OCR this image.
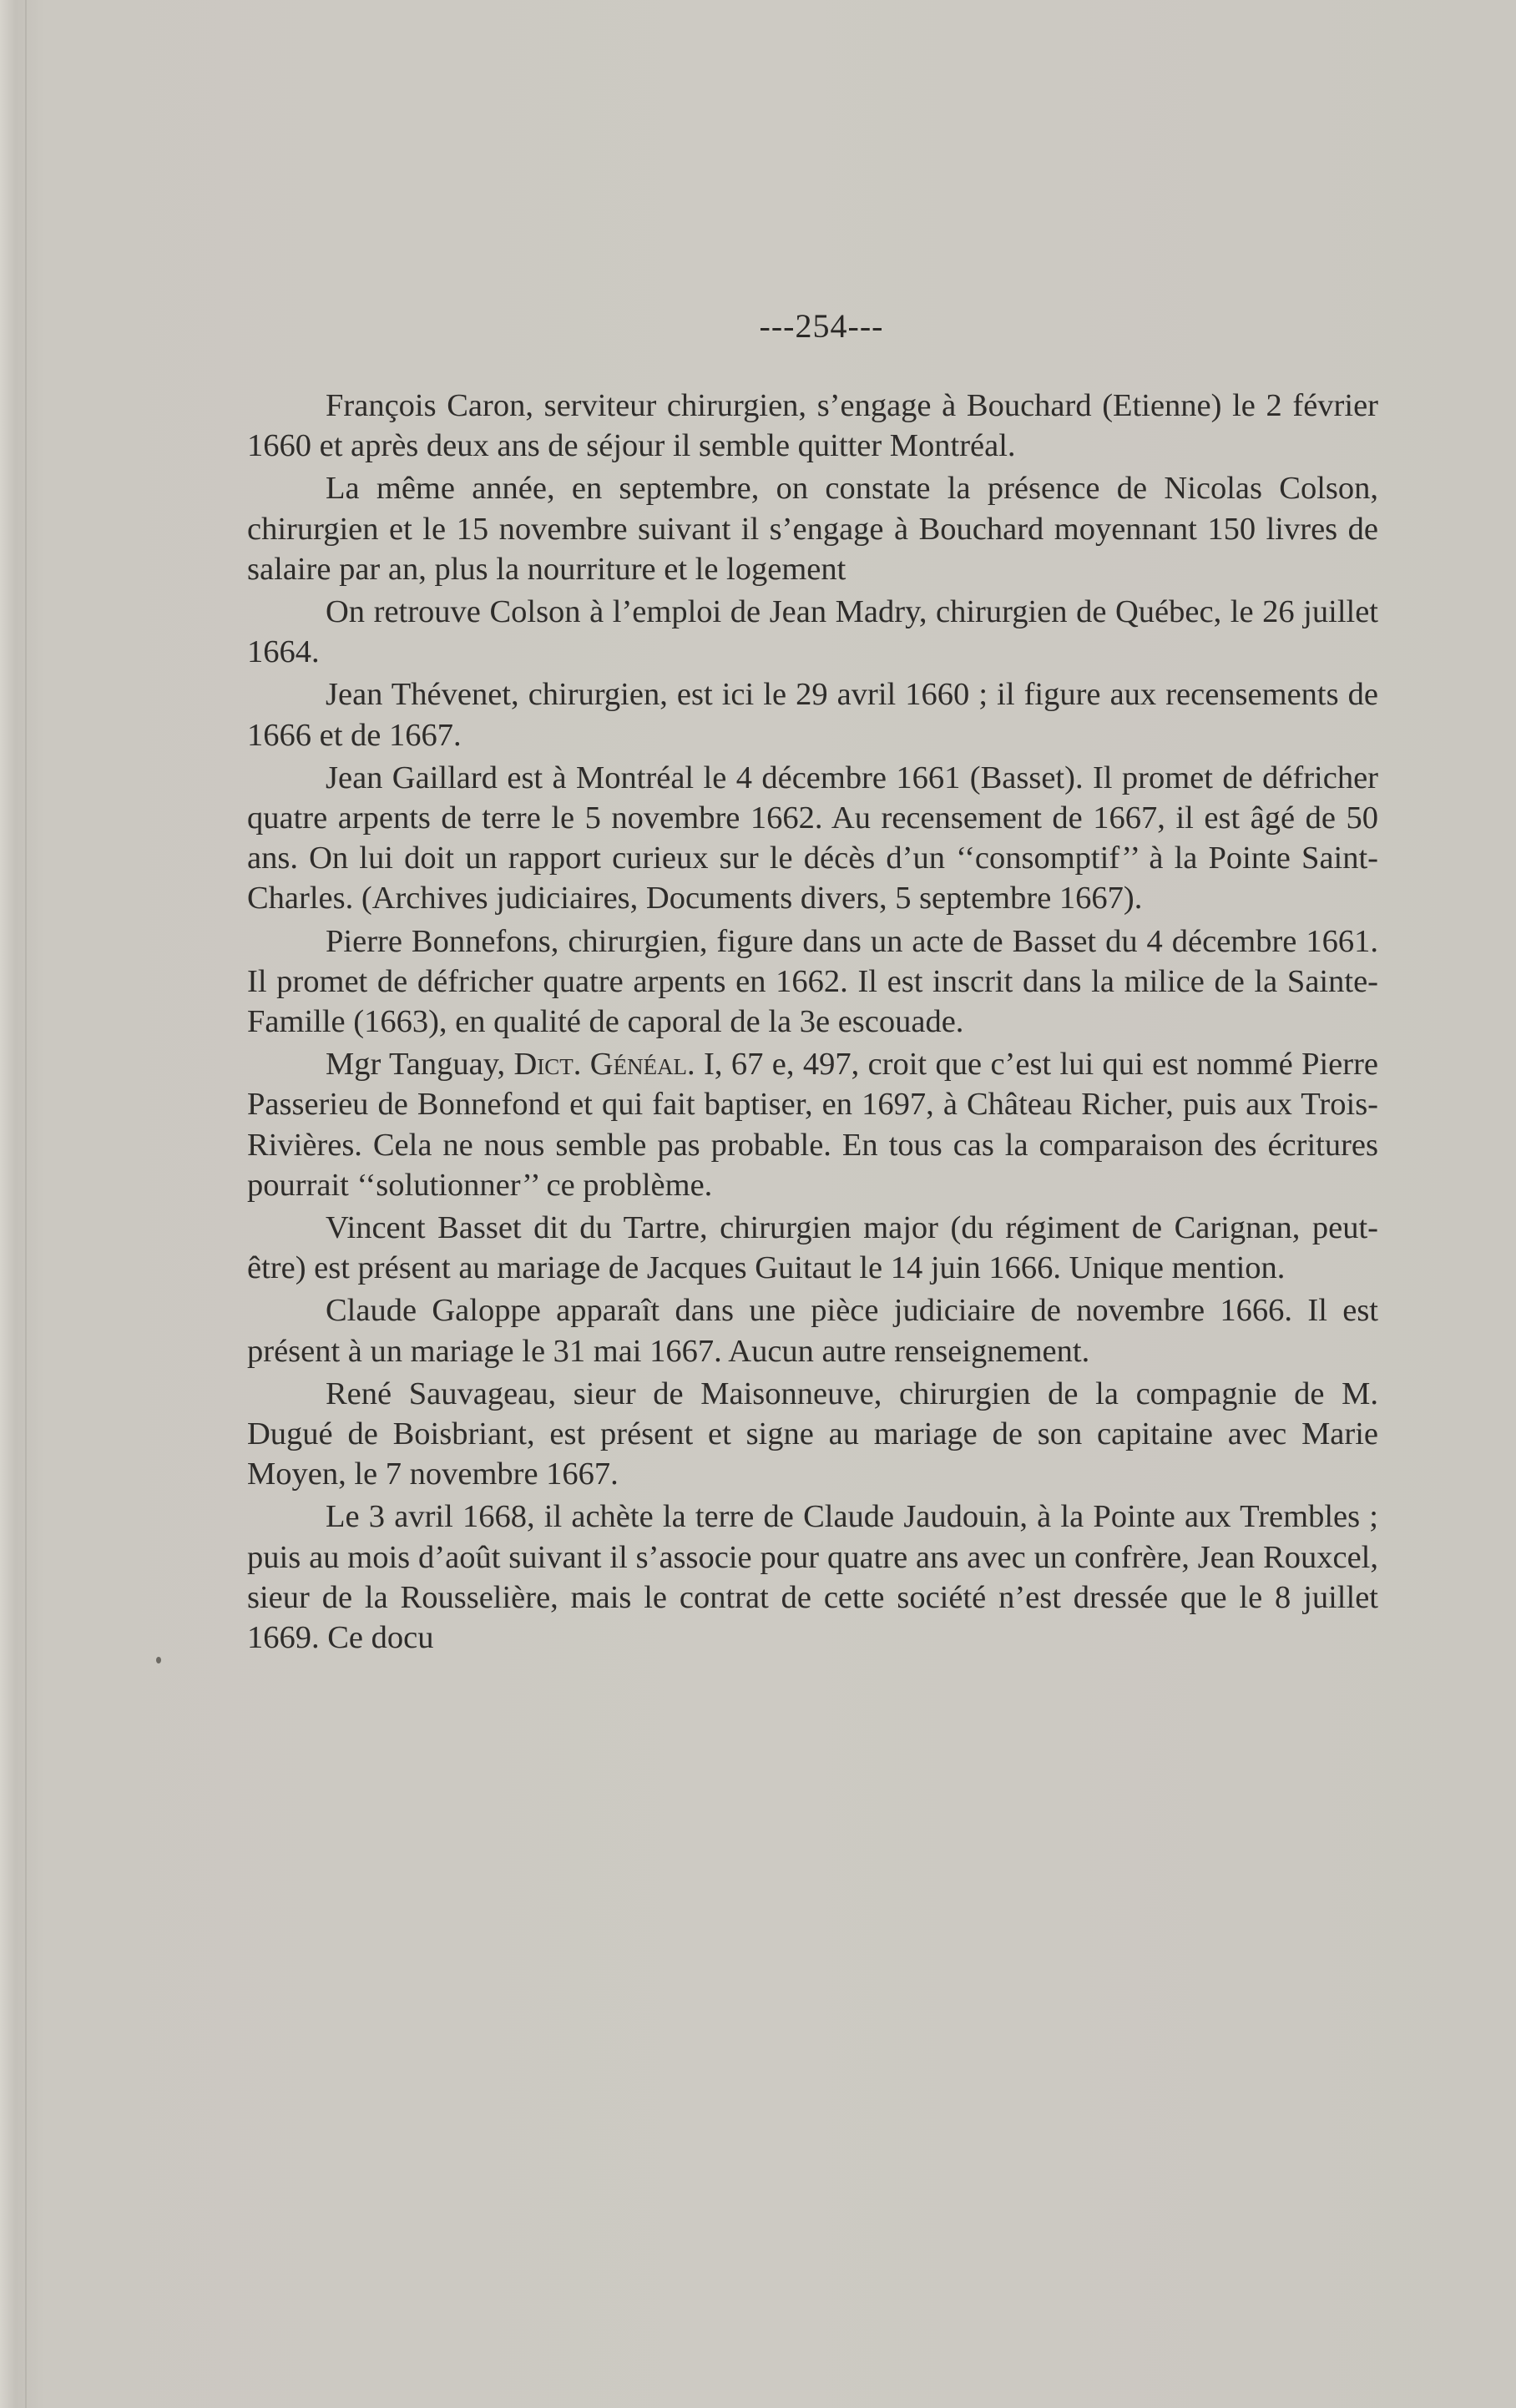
---254---

François Caron, serviteur chirurgien, s’engage à Bouchard (Etienne) le 2 février 1660 et après deux ans de séjour il semble quitter Montréal.

La même année, en septembre, on constate la présence de Nicolas Colson, chirurgien et le 15 novembre suivant il s’engage à Bouchard moyennant 150 livres de salaire par an, plus la nourriture et le logement

On retrouve Colson à l’emploi de Jean Madry, chirurgien de Québec, le 26 juillet 1664.

Jean Thévenet, chirurgien, est ici le 29 avril 1660 ; il figure aux recensements de 1666 et de 1667.

Jean Gaillard est à Montréal le 4 décembre 1661 (Basset). Il promet de défricher quatre arpents de terre le 5 novembre 1662. Au recensement de 1667, il est âgé de 50 ans. On lui doit un rapport curieux sur le décès d’un ‘‘consomptif’’ à la Pointe Saint-Charles. (Archives judiciaires, Documents divers, 5 septembre 1667).

Pierre Bonnefons, chirurgien, figure dans un acte de Basset du 4 décembre 1661. Il promet de défricher quatre arpents en 1662. Il est inscrit dans la milice de la Sainte-Famille (1663), en qualité de caporal de la 3e escouade.

Mgr Tanguay, Dict. Généal. I, 67 e, 497, croit que c’est lui qui est nommé Pierre Passerieu de Bonnefond et qui fait baptiser, en 1697, à Château Richer, puis aux Trois-Rivières. Cela ne nous semble pas probable. En tous cas la comparaison des écritures pourrait ‘‘solutionner’’ ce problème.

Vincent Basset dit du Tartre, chirurgien major (du régiment de Carignan, peut-être) est présent au mariage de Jacques Guitaut le 14 juin 1666. Unique mention.

Claude Galoppe apparaît dans une pièce judiciaire de novembre 1666. Il est présent à un mariage le 31 mai 1667. Aucun autre renseignement.

René Sauvageau, sieur de Maisonneuve, chirurgien de la compagnie de M. Dugué de Boisbriant, est présent et signe au mariage de son capitaine avec Marie Moyen, le 7 novembre 1667.

Le 3 avril 1668, il achète la terre de Claude Jaudouin, à la Pointe aux Trembles ; puis au mois d’août suivant il s’associe pour quatre ans avec un confrère, Jean Rouxcel, sieur de la Rousselière, mais le contrat de cette société n’est dressée que le 8 juillet 1669. Ce docu
